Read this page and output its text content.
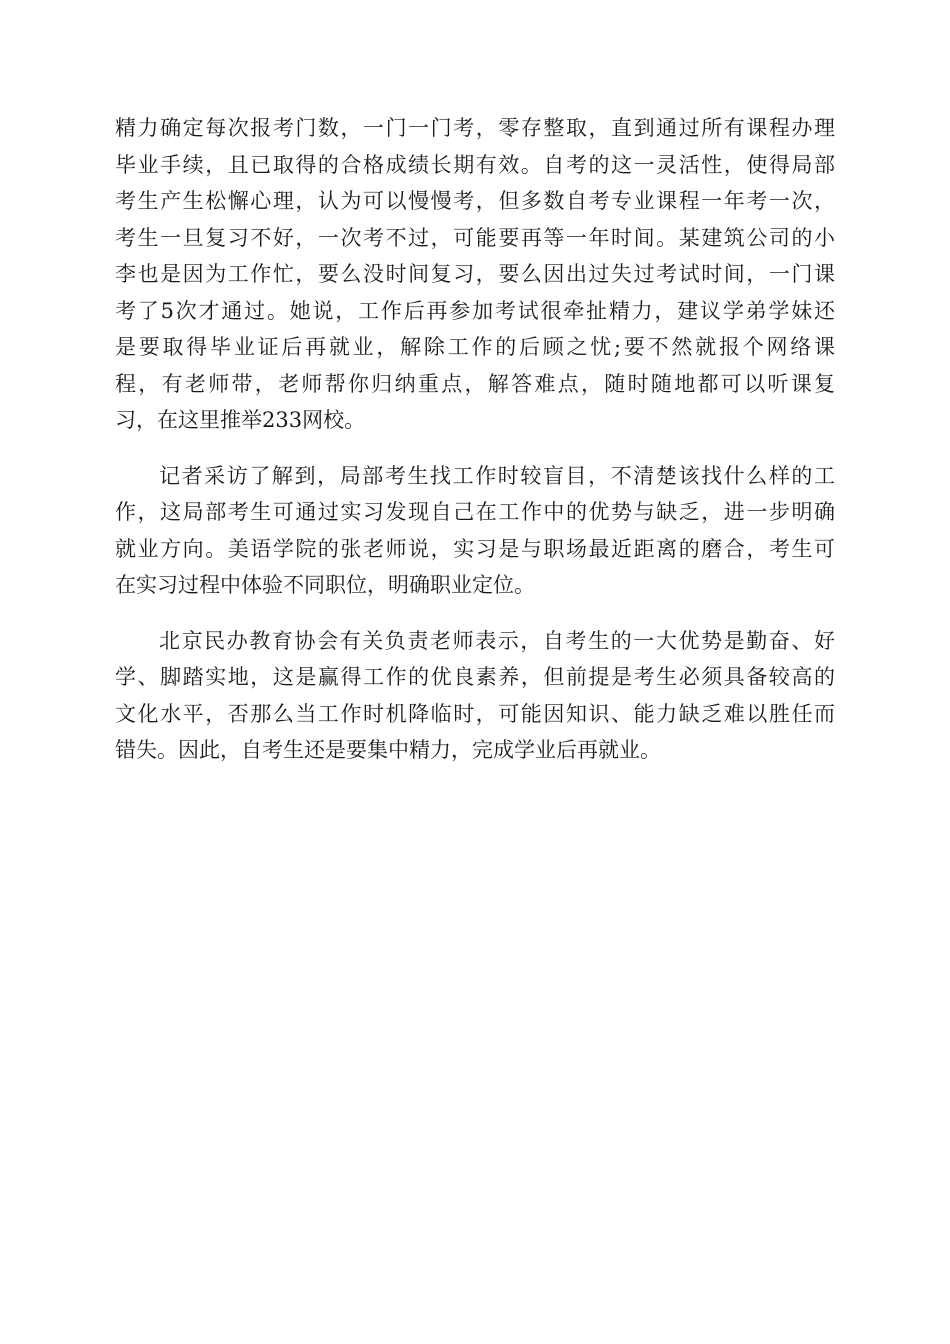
精力确定每次报考门数，一门一门考，零存整取，直到通过所有课程办理
毕业手续，且已取得的合格成绩长期有效。自考的这一灵活性，使得局部
考生产生松懈心理，认为可以慢慢考，但多数自考专业课程一年考一次，
考生一旦复习不好，一次考不过，可能要再等一年时间。某建筑公司的小
李也是因为工作忙，要么没时间复习，要么因出过失过考试时间，一门课
考了5次才通过。她说，工作后再参加考试很牵扯精力，建议学弟学妹还
是要取得毕业证后再就业，解除工作的后顾之忧;要不然就报个网络课
程，有老师带，老师帮你归纳重点，解答难点，随时随地都可以听课复
习，在这里推举233网校。

记者采访了解到，局部考生找工作时较盲目，不清楚该找什么样的工
作，这局部考生可通过实习发现自己在工作中的优势与缺乏，进一步明确
就业方向。美语学院的张老师说，实习是与职场最近距离的磨合，考生可
在实习过程中体验不同职位，明确职业定位。

北京民办教育协会有关负责老师表示，自考生的一大优势是勤奋、好
学、脚踏实地，这是赢得工作的优良素养，但前提是考生必须具备较高的
文化水平，否那么当工作时机降临时，可能因知识、能力缺乏难以胜任而
错失。因此，自考生还是要集中精力，完成学业后再就业。
